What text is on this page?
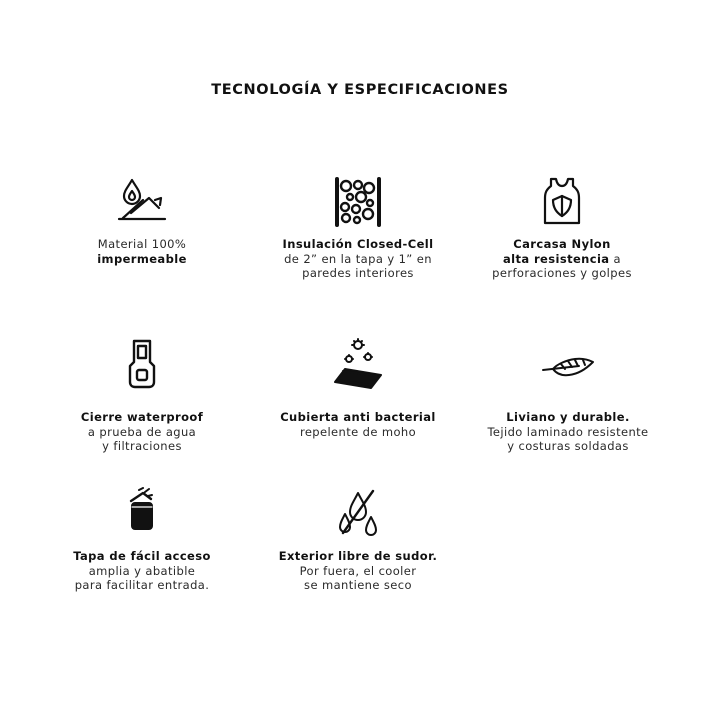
TECNOLOGÍA Y ESPECIFICACIONES
Material 100%
impermeable
Insulación Closed-Cell
de 2” en la tapa y 1” en
paredes interiores
Carcasa Nylon
alta resistencia a
perforaciones y golpes
Cierre waterproof
a prueba de agua
y filtraciones
Cubierta anti bacterial
repelente de moho
Liviano y durable.
Tejido laminado resistente
y costuras soldadas
Tapa de fácil acceso
amplia y abatible
para facilitar entrada.
Exterior libre de sudor.
Por fuera, el cooler
se mantiene seco
